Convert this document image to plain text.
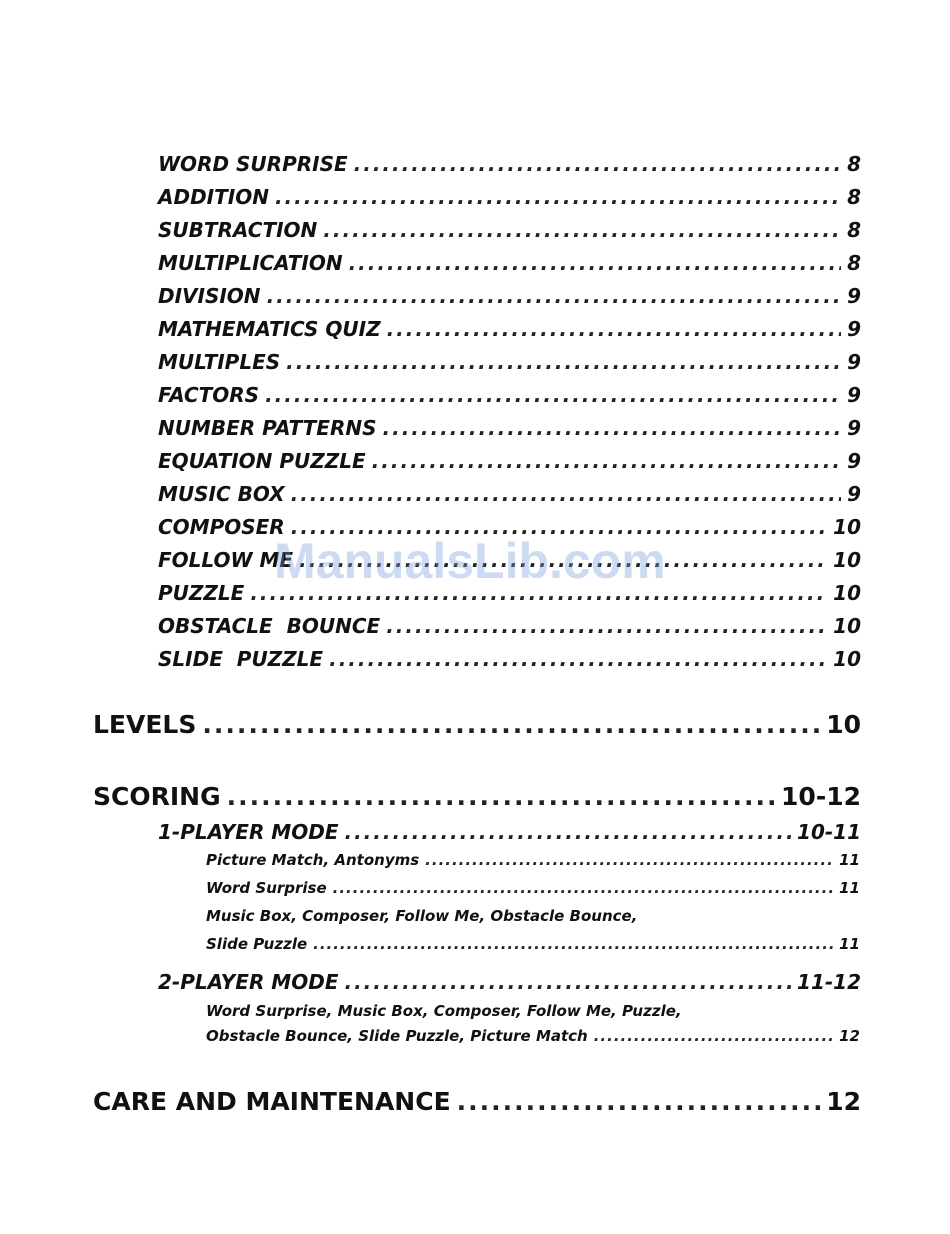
WORD SURPRISE .....	8
ADDITION .....	8
SUBTRACTION .....	8
MULTIPLICATION .....	8
DIVISION .....	9
MATHEMATICS QUIZ .....	9
MULTIPLES .....	9
FACTORS .....	9
NUMBER PATTERNS .....	9
EQUATION PUZZLE .....	9
MUSIC BOX .....	9
COMPOSER .....	10
FOLLOW ME .....	10
PUZZLE .....	10
OBSTACLE  BOUNCE .....	10
SLIDE  PUZZLE .....	10
LEVELS .....	10
SCORING .....	10-12
1-PLAYER MODE .....	10-11
Picture Match, Antonyms .....	11
Word Surprise .....	11
Music Box, Composer, Follow Me, Obstacle Bounce,
Slide Puzzle .....	11
2-PLAYER MODE .....	11-12
Word Surprise, Music Box, Composer, Follow Me, Puzzle,
Obstacle Bounce, Slide Puzzle, Picture Match .....	12
CARE AND MAINTENANCE .....	12
ManualsLib.com
